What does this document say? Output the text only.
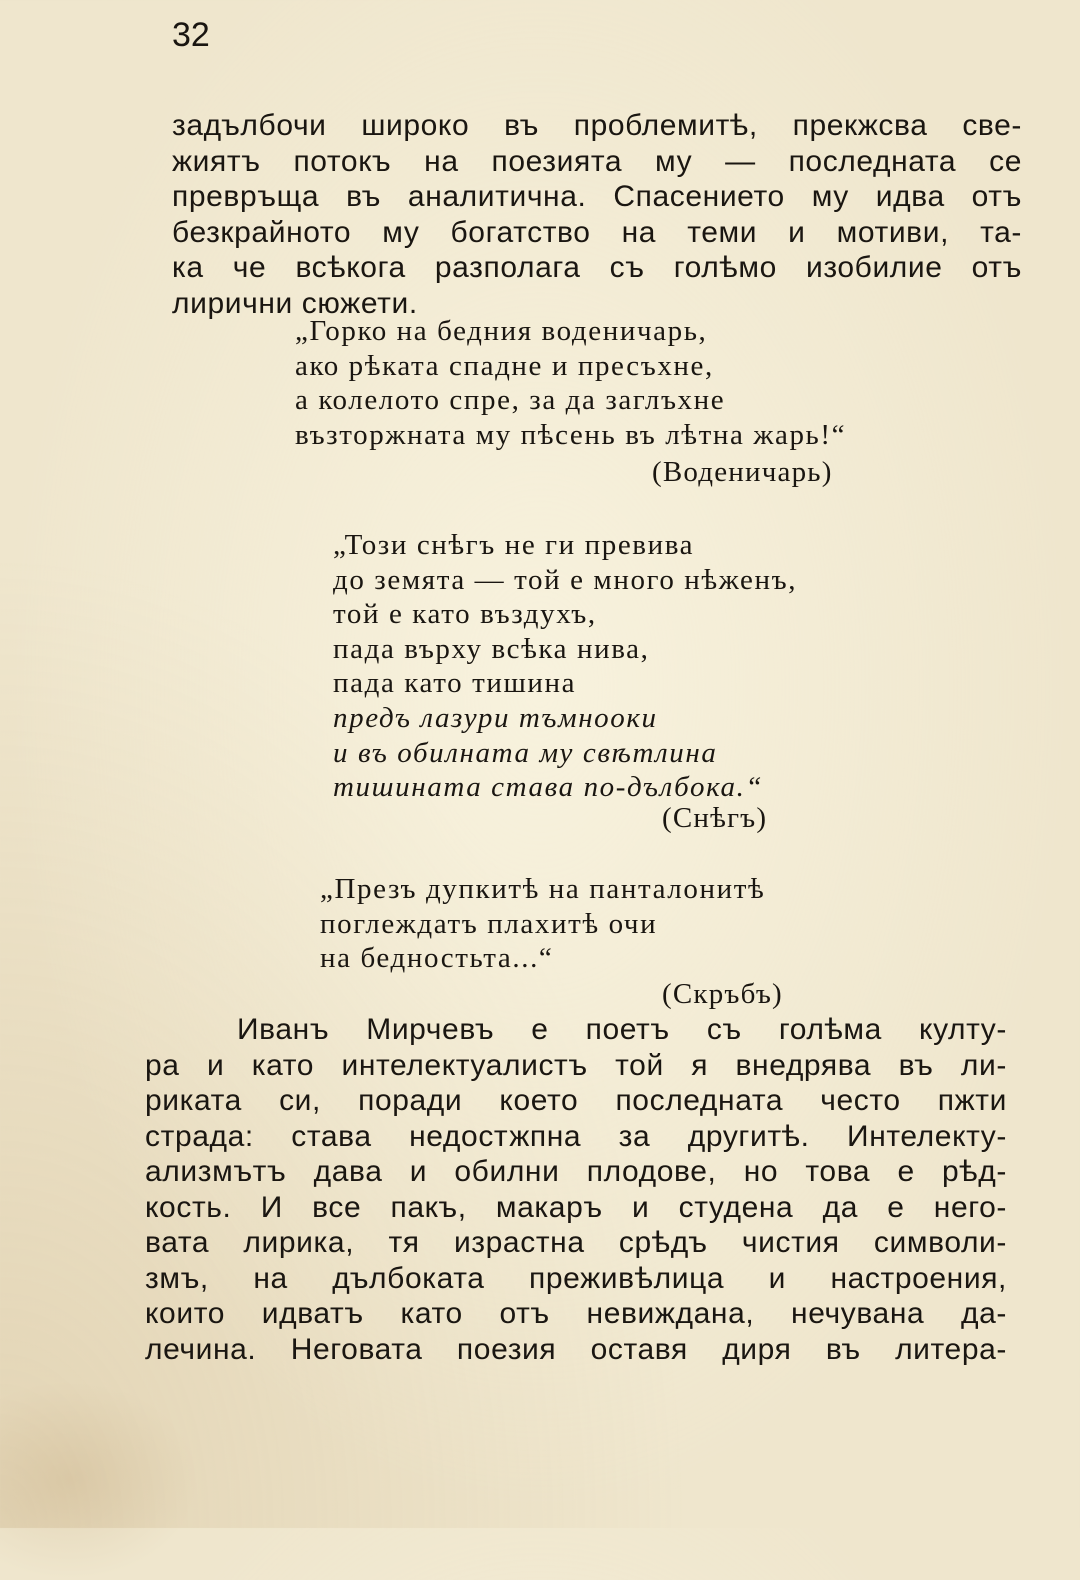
32
задълбочи широко въ проблемитѣ, прекжсва све-
жиятъ потокъ на поезията му — последната се
превръща въ аналитична. Спасението му идва отъ
безкрайното му богатство на теми и мотиви, та-
ка че всѣкога разполага съ голѣмо изобилие отъ
лирични сюжети.
„Горко на бедния воденичарь,
ако рѣката спадне и пресъхне,
а колелото спре, за да заглъхне
възторжната му пѣсень въ лѣтна жарь!“
(Воденичарь)
„Този снѣгъ не ги превива
до земята — той е много нѣженъ,
той е като въздухъ,
пада върху всѣка нива,
пада като тишина
предъ лазури тъмнооки
и въ обилната му свѣтлина
тишината става по-дълбока.“
(Снѣгъ)
„Презъ дупкитѣ на панталонитѣ
поглеждатъ плахитѣ очи
на бедностьта...“
(Скръбъ)
Иванъ Мирчевъ е поетъ съ голѣма култу-
ра и като интелектуалистъ той я внедрява въ ли-
риката си, поради което последната често пжти
страда: става недостжпна за другитѣ. Интелекту-
ализмътъ дава и обилни плодове, но това е рѣд-
кость. И все пакъ, макаръ и студена да е него-
вата лирика, тя израстна срѣдъ чистия символи-
змъ, на дълбоката преживѣлица и настроения,
които идватъ като отъ невиждана, нечувана да-
лечина. Неговата поезия оставя диря въ литера-
